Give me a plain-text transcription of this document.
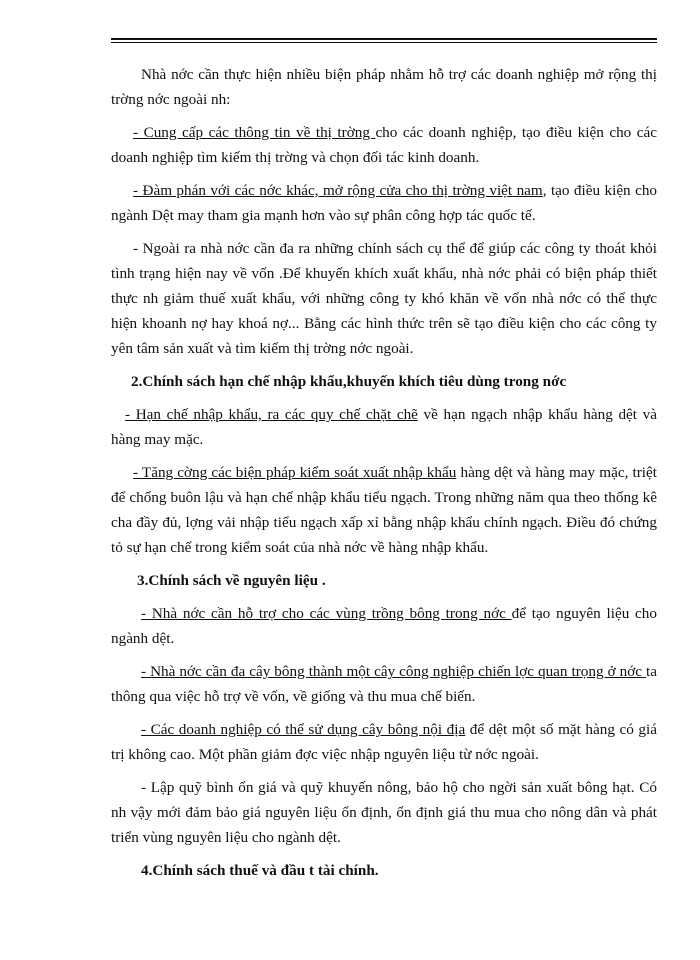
Nhà nớc cần thực hiện nhiều biện pháp nhằm hỗ trợ các doanh nghiệp mở rộng thị trờng nớc ngoài nh:

- Cung cấp các thông tin về thị trờng cho các doanh nghiệp, tạo điều kiện cho các doanh nghiệp tìm kiếm thị trờng và chọn đối tác kinh doanh.

- Đàm phán với các nớc khác, mở rộng cửa cho thị trờng việt nam, tạo điều kiện cho ngành Dệt may tham gia mạnh hơn vào sự phân công hợp tác quốc tế.

- Ngoài ra nhà nớc cần đa ra những chính sách cụ thể để giúp các công ty thoát khỏi tình trạng hiện nay về vốn .Để khuyến khích xuất khẩu, nhà nớc phải có biện pháp thiết thực nh giảm thuế xuất khẩu, với những công ty khó khăn về vốn nhà nớc có thể thực hiện khoanh nợ hay khoá nợ... Bằng các hình thức trên sẽ tạo điều kiện cho các công ty yên tâm sản xuất và tìm kiếm thị trờng nớc ngoài.

2.Chính sách hạn chế nhập khẩu,khuyến khích tiêu dùng trong nớc

- Hạn chế nhập khẩu, ra các quy chế chặt chẽ về hạn ngạch nhập khẩu hàng dệt và hàng may mặc.

- Tăng cờng các biện pháp kiểm soát xuất nhập khẩu hàng dệt và hàng may mặc, triệt để chống buôn lậu và hạn chế nhập khẩu tiểu ngạch. Trong những năm qua theo thống kê cha đầy đủ, lợng vải nhập tiểu ngạch xấp xỉ bằng nhập khẩu chính ngạch. Điều đó chứng tỏ sự hạn chế trong kiểm soát của nhà nớc về hàng nhập khẩu.

3.Chính sách về nguyên liệu .

- Nhà nớc cần hỗ trợ cho các vùng trồng bông trong nớc để tạo nguyên liệu cho ngành dệt.

- Nhà nớc cần đa cây bông thành một cây công nghiệp chiến lợc quan trọng ở nớc ta thông qua việc hỗ trợ về vốn, về giống và thu mua chế biến.

- Các doanh nghiệp có thể sử dụng cây bông nội địa để dệt một số mặt hàng có giá trị không cao. Một phần giảm đợc việc nhập nguyên liệu từ nớc ngoài.

- Lập quỹ bình ổn giá và quỹ khuyến nông, bảo hộ cho ngời sản xuất bông hạt. Có nh vậy mới đảm bảo giá nguyên liệu ổn định, ổn định giá thu mua cho nông dân và phát triển vùng nguyên liệu cho ngành dệt.

4.Chính sách thuế và đầu t tài chính.
